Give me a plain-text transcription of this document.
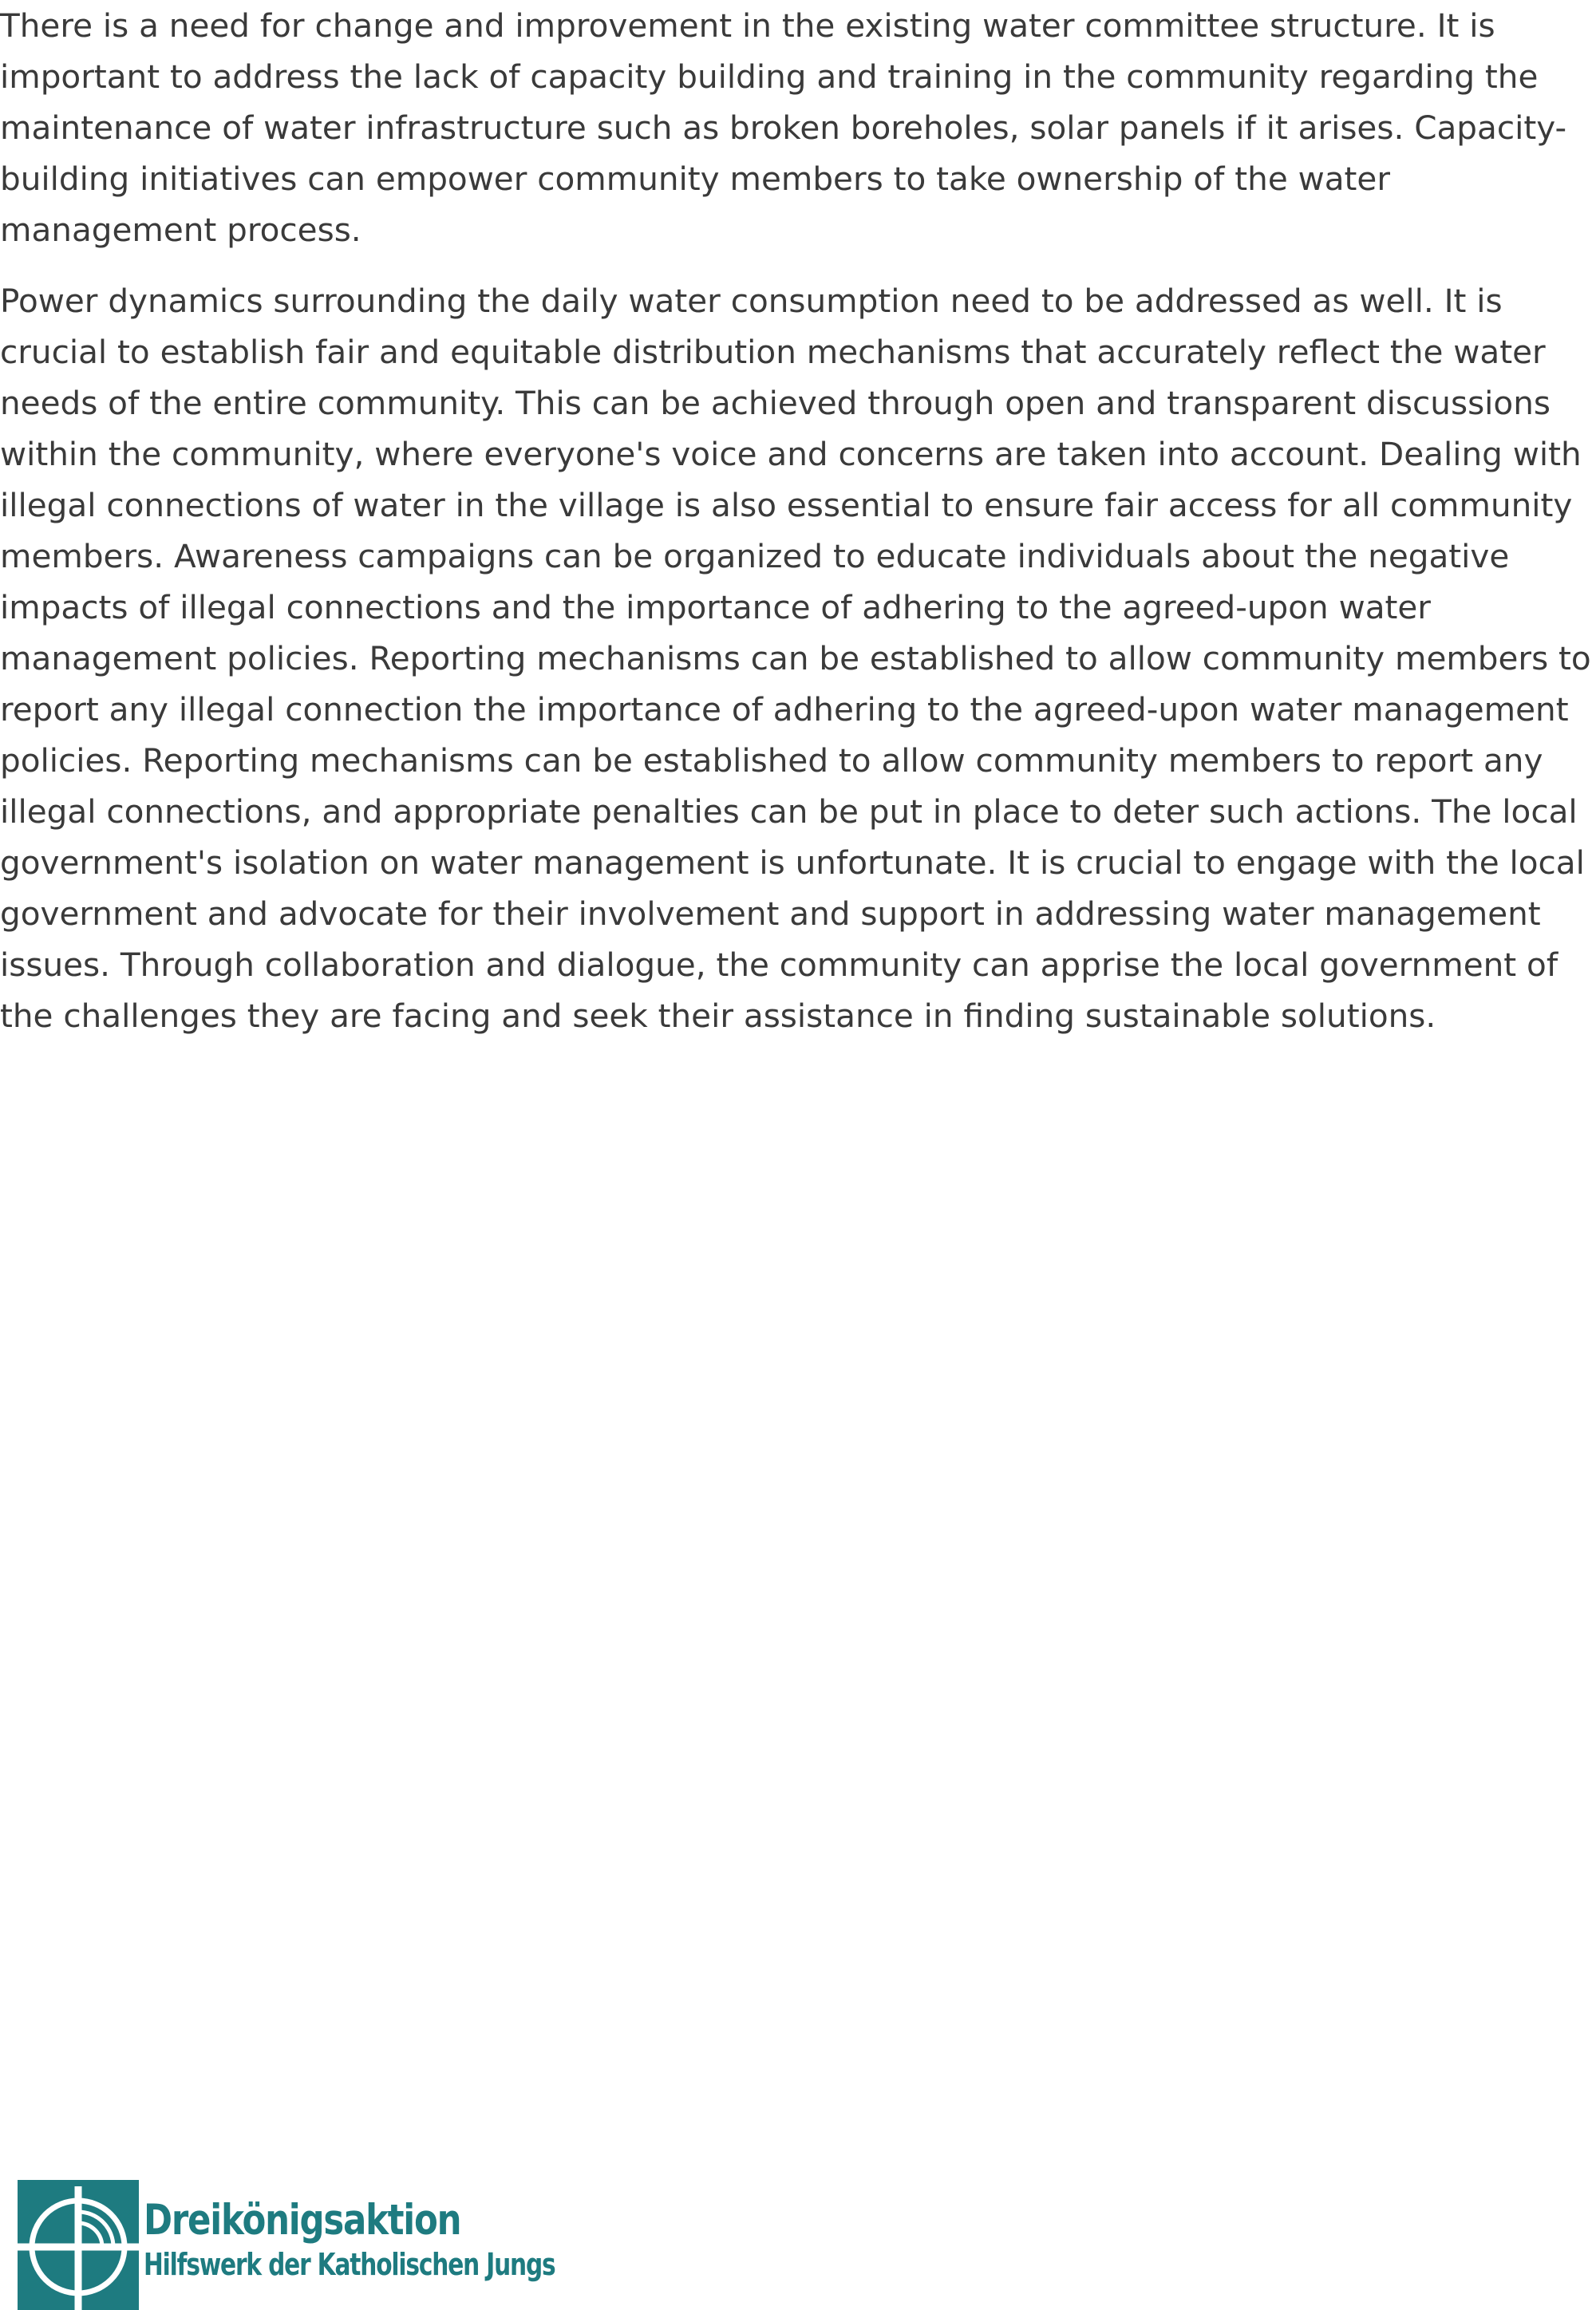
There is a need for change and improvement in the existing water committee structure. It is important to address the lack of capacity building and training in the community regarding the maintenance of water infrastructure such as broken boreholes, solar panels if it arises. Capacity-building initiatives can empower community members to take ownership of the water management process.

Power dynamics surrounding the daily water consumption need to be addressed as well. It is crucial to establish fair and equitable distribution mechanisms that accurately reflect the water needs of the entire community. This can be achieved through open and transparent discussions within the community, where everyone's voice and concerns are taken into account. Dealing with illegal connections of water in the village is also essential to ensure fair access for all community members. Awareness campaigns can be organized to educate individuals about the negative impacts of illegal connections and the importance of adhering to the agreed-upon water management policies. Reporting mechanisms can be established to allow community members to report any illegal connection the importance of adhering to the agreed-upon water management policies. Reporting mechanisms can be established to allow community members to report any illegal connections, and appropriate penalties can be put in place to deter such actions. The local government's isolation on water management is unfortunate. It is crucial to engage with the local government and advocate for their involvement and support in addressing water management issues. Through collaboration and dialogue, the community can apprise the local government of the challenges they are facing and seek their assistance in finding sustainable solutions.

Dreikönigsaktion
Hilfswerk der Katholischen Jungs
